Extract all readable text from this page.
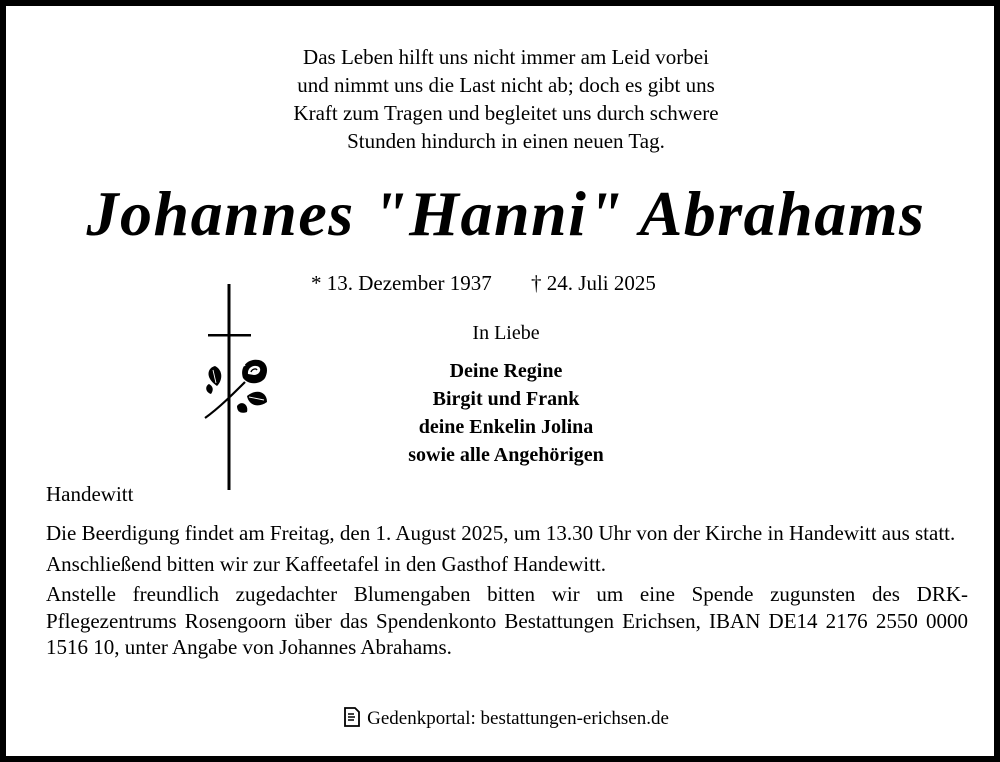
Das Leben hilft uns nicht immer am Leid vorbei
und nimmt uns die Last nicht ab; doch es gibt uns
Kraft zum Tragen und begleitet uns durch schwere
Stunden hindurch in einen neuen Tag.
Johannes "Hanni" Abrahams
* 13. Dezember 1937 † 24. Juli 2025
In Liebe
Deine Regine
Birgit und Frank
deine Enkelin Jolina
sowie alle Angehörigen
Handewitt

Die Beerdigung findet am Freitag, den 1. August 2025, um 13.30 Uhr von der Kirche in Handewitt aus statt.

Anschließend bitten wir zur Kaffeetafel in den Gasthof Handewitt.

Anstelle freundlich zugedachter Blumengaben bitten wir um eine Spende zugunsten des DRK-Pflegezentrums Rosengoorn über das Spendenkonto Bestattungen Erichsen, IBAN DE14 2176 2550 0000 1516 10, unter Angabe von Johannes Abrahams.

Gedenkportal: bestattungen-erichsen.de
